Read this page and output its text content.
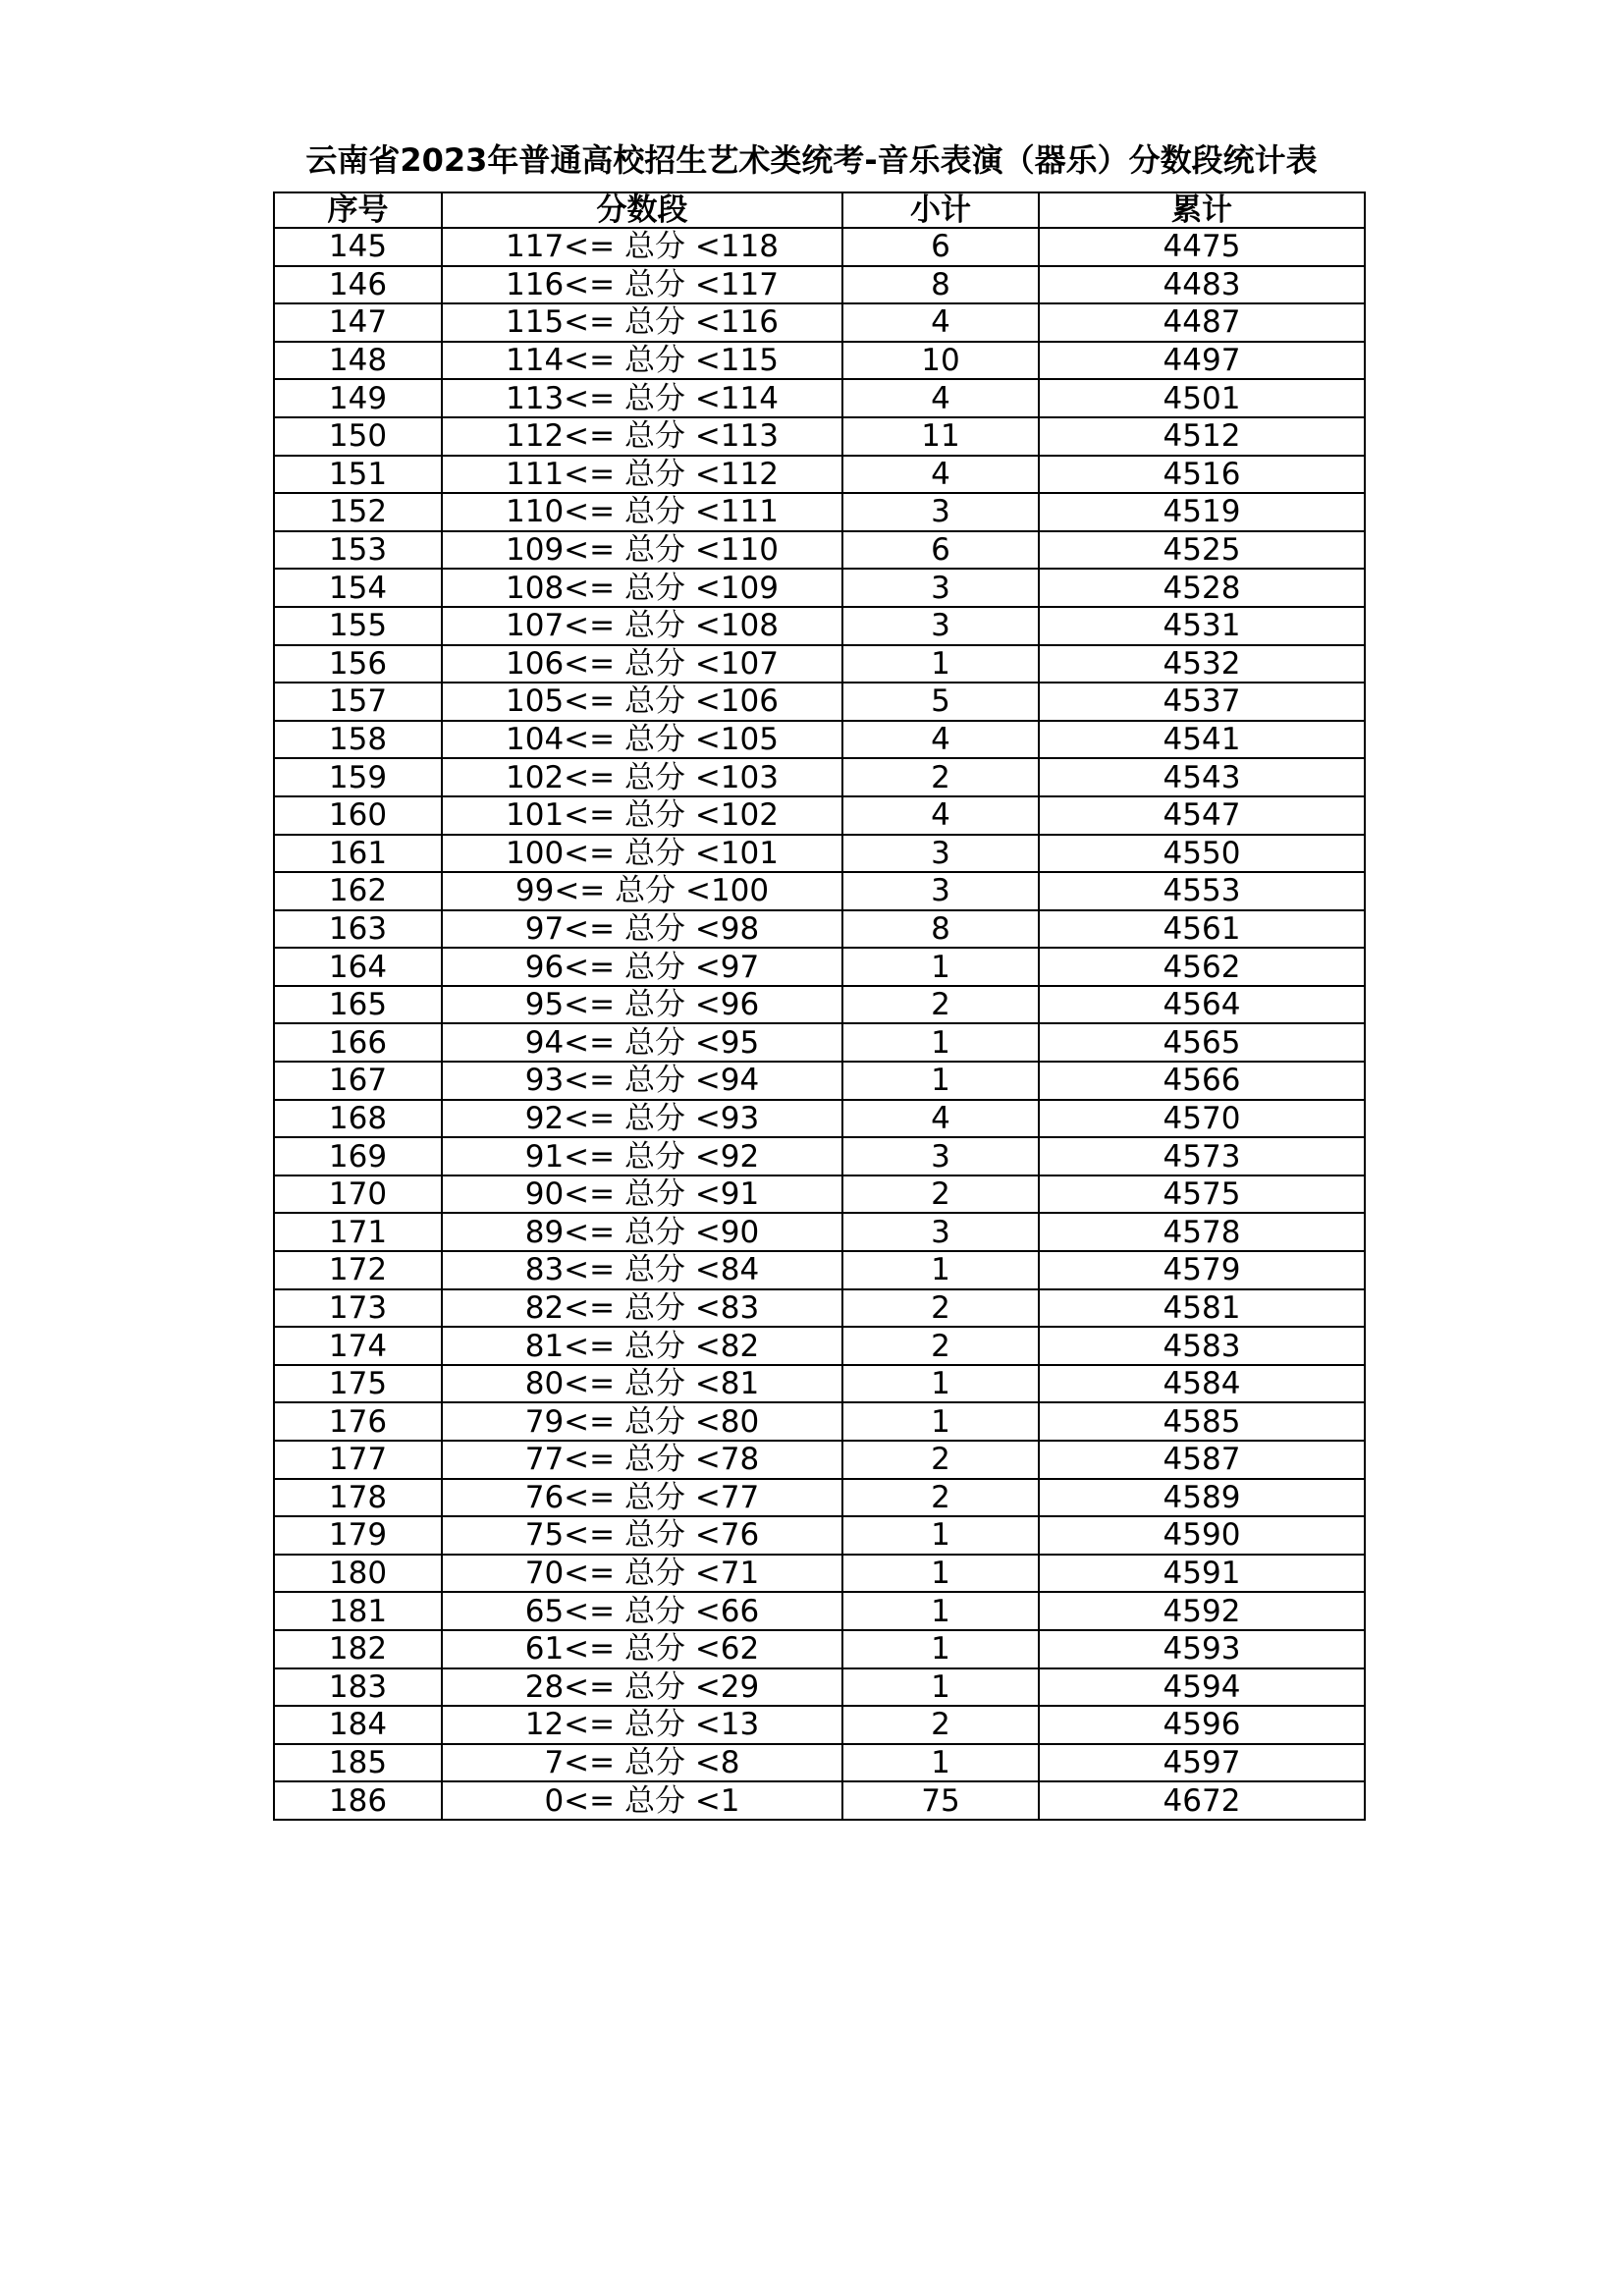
云南省2023年普通高校招生艺术类统考-音乐表演（器乐）分数段统计表
序号	分数段	小计	累计
145	117<= 总分 <118	6	4475
146	116<= 总分 <117	8	4483
147	115<= 总分 <116	4	4487
148	114<= 总分 <115	10	4497
149	113<= 总分 <114	4	4501
150	112<= 总分 <113	11	4512
151	111<= 总分 <112	4	4516
152	110<= 总分 <111	3	4519
153	109<= 总分 <110	6	4525
154	108<= 总分 <109	3	4528
155	107<= 总分 <108	3	4531
156	106<= 总分 <107	1	4532
157	105<= 总分 <106	5	4537
158	104<= 总分 <105	4	4541
159	102<= 总分 <103	2	4543
160	101<= 总分 <102	4	4547
161	100<= 总分 <101	3	4550
162	99<= 总分 <100	3	4553
163	97<= 总分 <98	8	4561
164	96<= 总分 <97	1	4562
165	95<= 总分 <96	2	4564
166	94<= 总分 <95	1	4565
167	93<= 总分 <94	1	4566
168	92<= 总分 <93	4	4570
169	91<= 总分 <92	3	4573
170	90<= 总分 <91	2	4575
171	89<= 总分 <90	3	4578
172	83<= 总分 <84	1	4579
173	82<= 总分 <83	2	4581
174	81<= 总分 <82	2	4583
175	80<= 总分 <81	1	4584
176	79<= 总分 <80	1	4585
177	77<= 总分 <78	2	4587
178	76<= 总分 <77	2	4589
179	75<= 总分 <76	1	4590
180	70<= 总分 <71	1	4591
181	65<= 总分 <66	1	4592
182	61<= 总分 <62	1	4593
183	28<= 总分 <29	1	4594
184	12<= 总分 <13	2	4596
185	7<= 总分 <8	1	4597
186	0<= 总分 <1	75	4672
